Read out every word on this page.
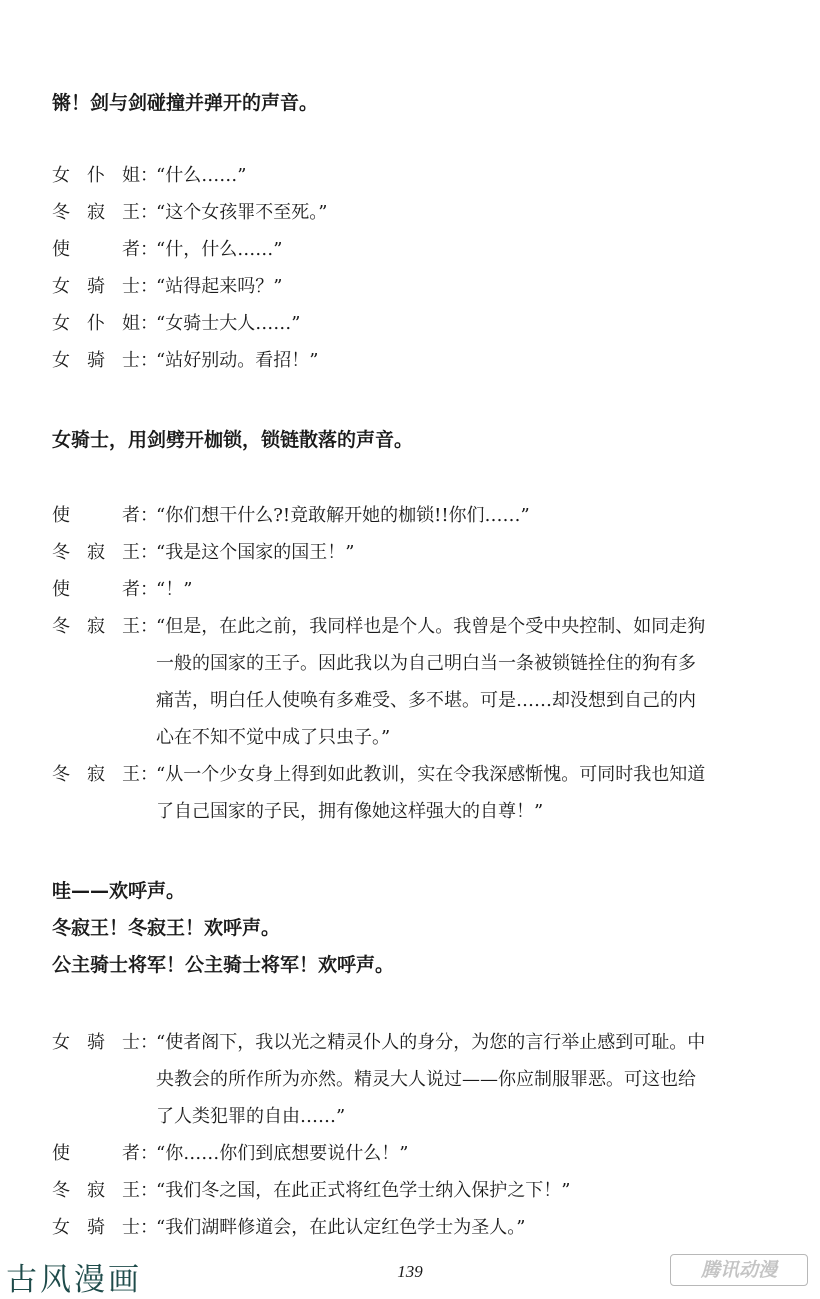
锵！剑与剑碰撞并弹开的声音。
女 仆 姐 ：
“什么……”
冬 寂 王 ：
“这个女孩罪不至死。”
使	者 ：
“什，什么……”
女 骑 士 ：
“站得起来吗？”
女 仆 姐 ：
“女骑士大人……”
女 骑 士 ：
“站好别动。看招！”
女骑士，用剑劈开枷锁，锁链散落的声音。
使	者 ：
“你们想干什么?!竟敢解开她的枷锁!!你们……”
冬 寂 王 ：
“我是这个国家的国王！”
使	者 ：
“！”
冬 寂 王 ：
“但是，在此之前，我同样也是个人。我曾是个受中央控制、如同走狗
一般的国家的王子。因此我以为自己明白当一条被锁链拴住的狗有多
痛苦，明白任人使唤有多难受、多不堪。可是……却没想到自己的内
心在不知不觉中成了只虫子。”
冬 寂 王 ：
“从一个少女身上得到如此教训，实在令我深感惭愧。可同时我也知道
了自己国家的子民，拥有像她这样强大的自尊！”
哇——欢呼声。
冬寂王！冬寂王！欢呼声。
公主骑士将军！公主骑士将军！欢呼声。
女 骑 士 ：
“使者阁下，我以光之精灵仆人的身分，为您的言行举止感到可耻。中
央教会的所作所为亦然。精灵大人说过——你应制服罪恶。可这也给
了人类犯罪的自由……”
使	者 ：
“你……你们到底想要说什么！”
冬 寂 王 ：
“我们冬之国，在此正式将红色学士纳入保护之下！”
女 骑 士 ：
“我们湖畔修道会，在此认定红色学士为圣人。”
139
古风漫画	腾讯动漫
